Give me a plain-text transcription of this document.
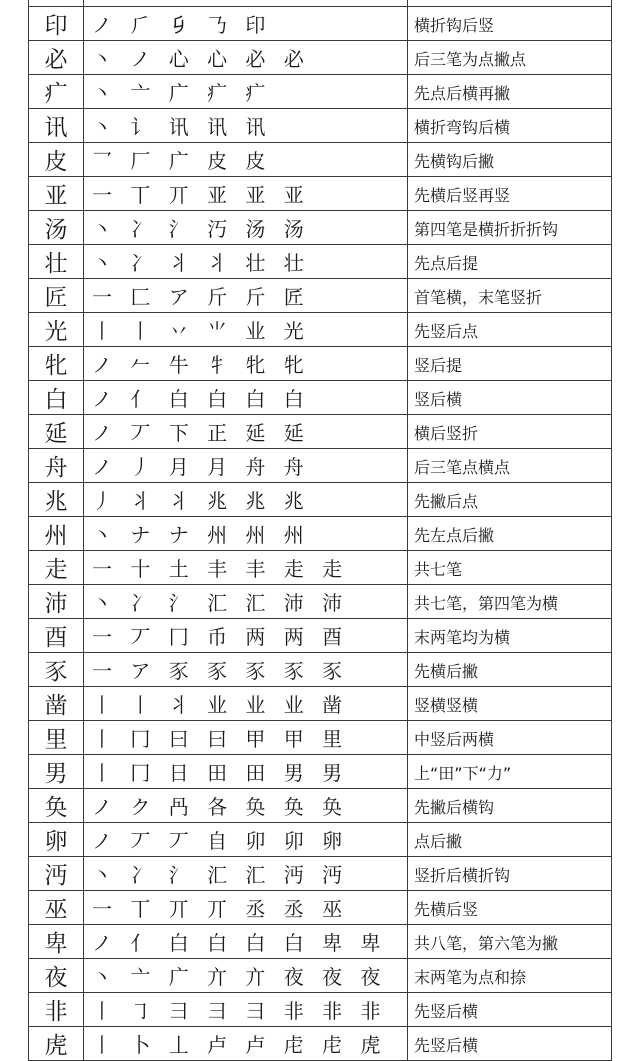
印	ノ ⺁ 𠂎 𠄎 印	横折钩后竖
必	丶 ノ 心 心 必 必	后三笔为点撇点
疒	丶 亠 广 疒 疒	先点后横再撇
讯	丶 讠 讯 讯 讯	横折弯钩后横
皮	乛 厂 广 皮 皮	先横钩后撇
亚	一 丅 丌 亚 亚 亚	先横后竖再竖
汤	丶 冫 氵 汅 汤 汤	第四笔是横折折折钩
壮	丶 冫 丬 丬 壮 壮	先点后提
匠	一 匚 ア 斤 斤 匠	首笔横，末笔竖折
光	丨 丨 丷 ⺌ 业 光	先竖后点
牝	ノ 𠂉 牛 牜 牝 牝	竖后提
白	ノ 亻 白 白 白 白	竖后横
延	ノ 丆 下 正 延 延	横后竖折
舟	ノ 丿 月 月 舟 舟	后三笔点横点
兆	丿 丬 丬 兆 兆 兆	先撇后点
州	丶 ナ ナ 州 州 州	先左点后撇
走	一 十 土 丰 丰 走 走	共七笔
沛	丶 冫 氵 汇 汇 沛 沛	共七笔，第四笔为横
酉	一 丆 冂 币 两 两 酉	末两笔均为横
豕	一 ア 豕 豕 豕 豕 豕	先横后撇
凿	丨 丨 丬 业 业 业 凿	竖横竖横
里	丨 冂 曰 曰 甲 甲 里	中竖后两横
男	丨 冂 日 田 田 男 男	上“田”下“力”
奂	ノ ク 冎 各 奂 奂 奂	先撇后横钩
卵	ノ 丆 丆 自 卯 卯 卵	点后撇
沔	丶 冫 氵 汇 汇 沔 沔	竖折后横折钩
巫	一 丅 丌 丌 丞 丞 巫	先横后竖
卑	ノ 亻 白 白 白 白 卑 卑	共八笔，第六笔为撇
夜	丶 亠 广 亣 亣 夜 夜 夜	末两笔为点和捺
非	丨 ㇆ 彐 彐 彐 非 非 非	先竖后横
虎	丨 卜 丄 卢 卢 虍 虍 虎	先竖后横
